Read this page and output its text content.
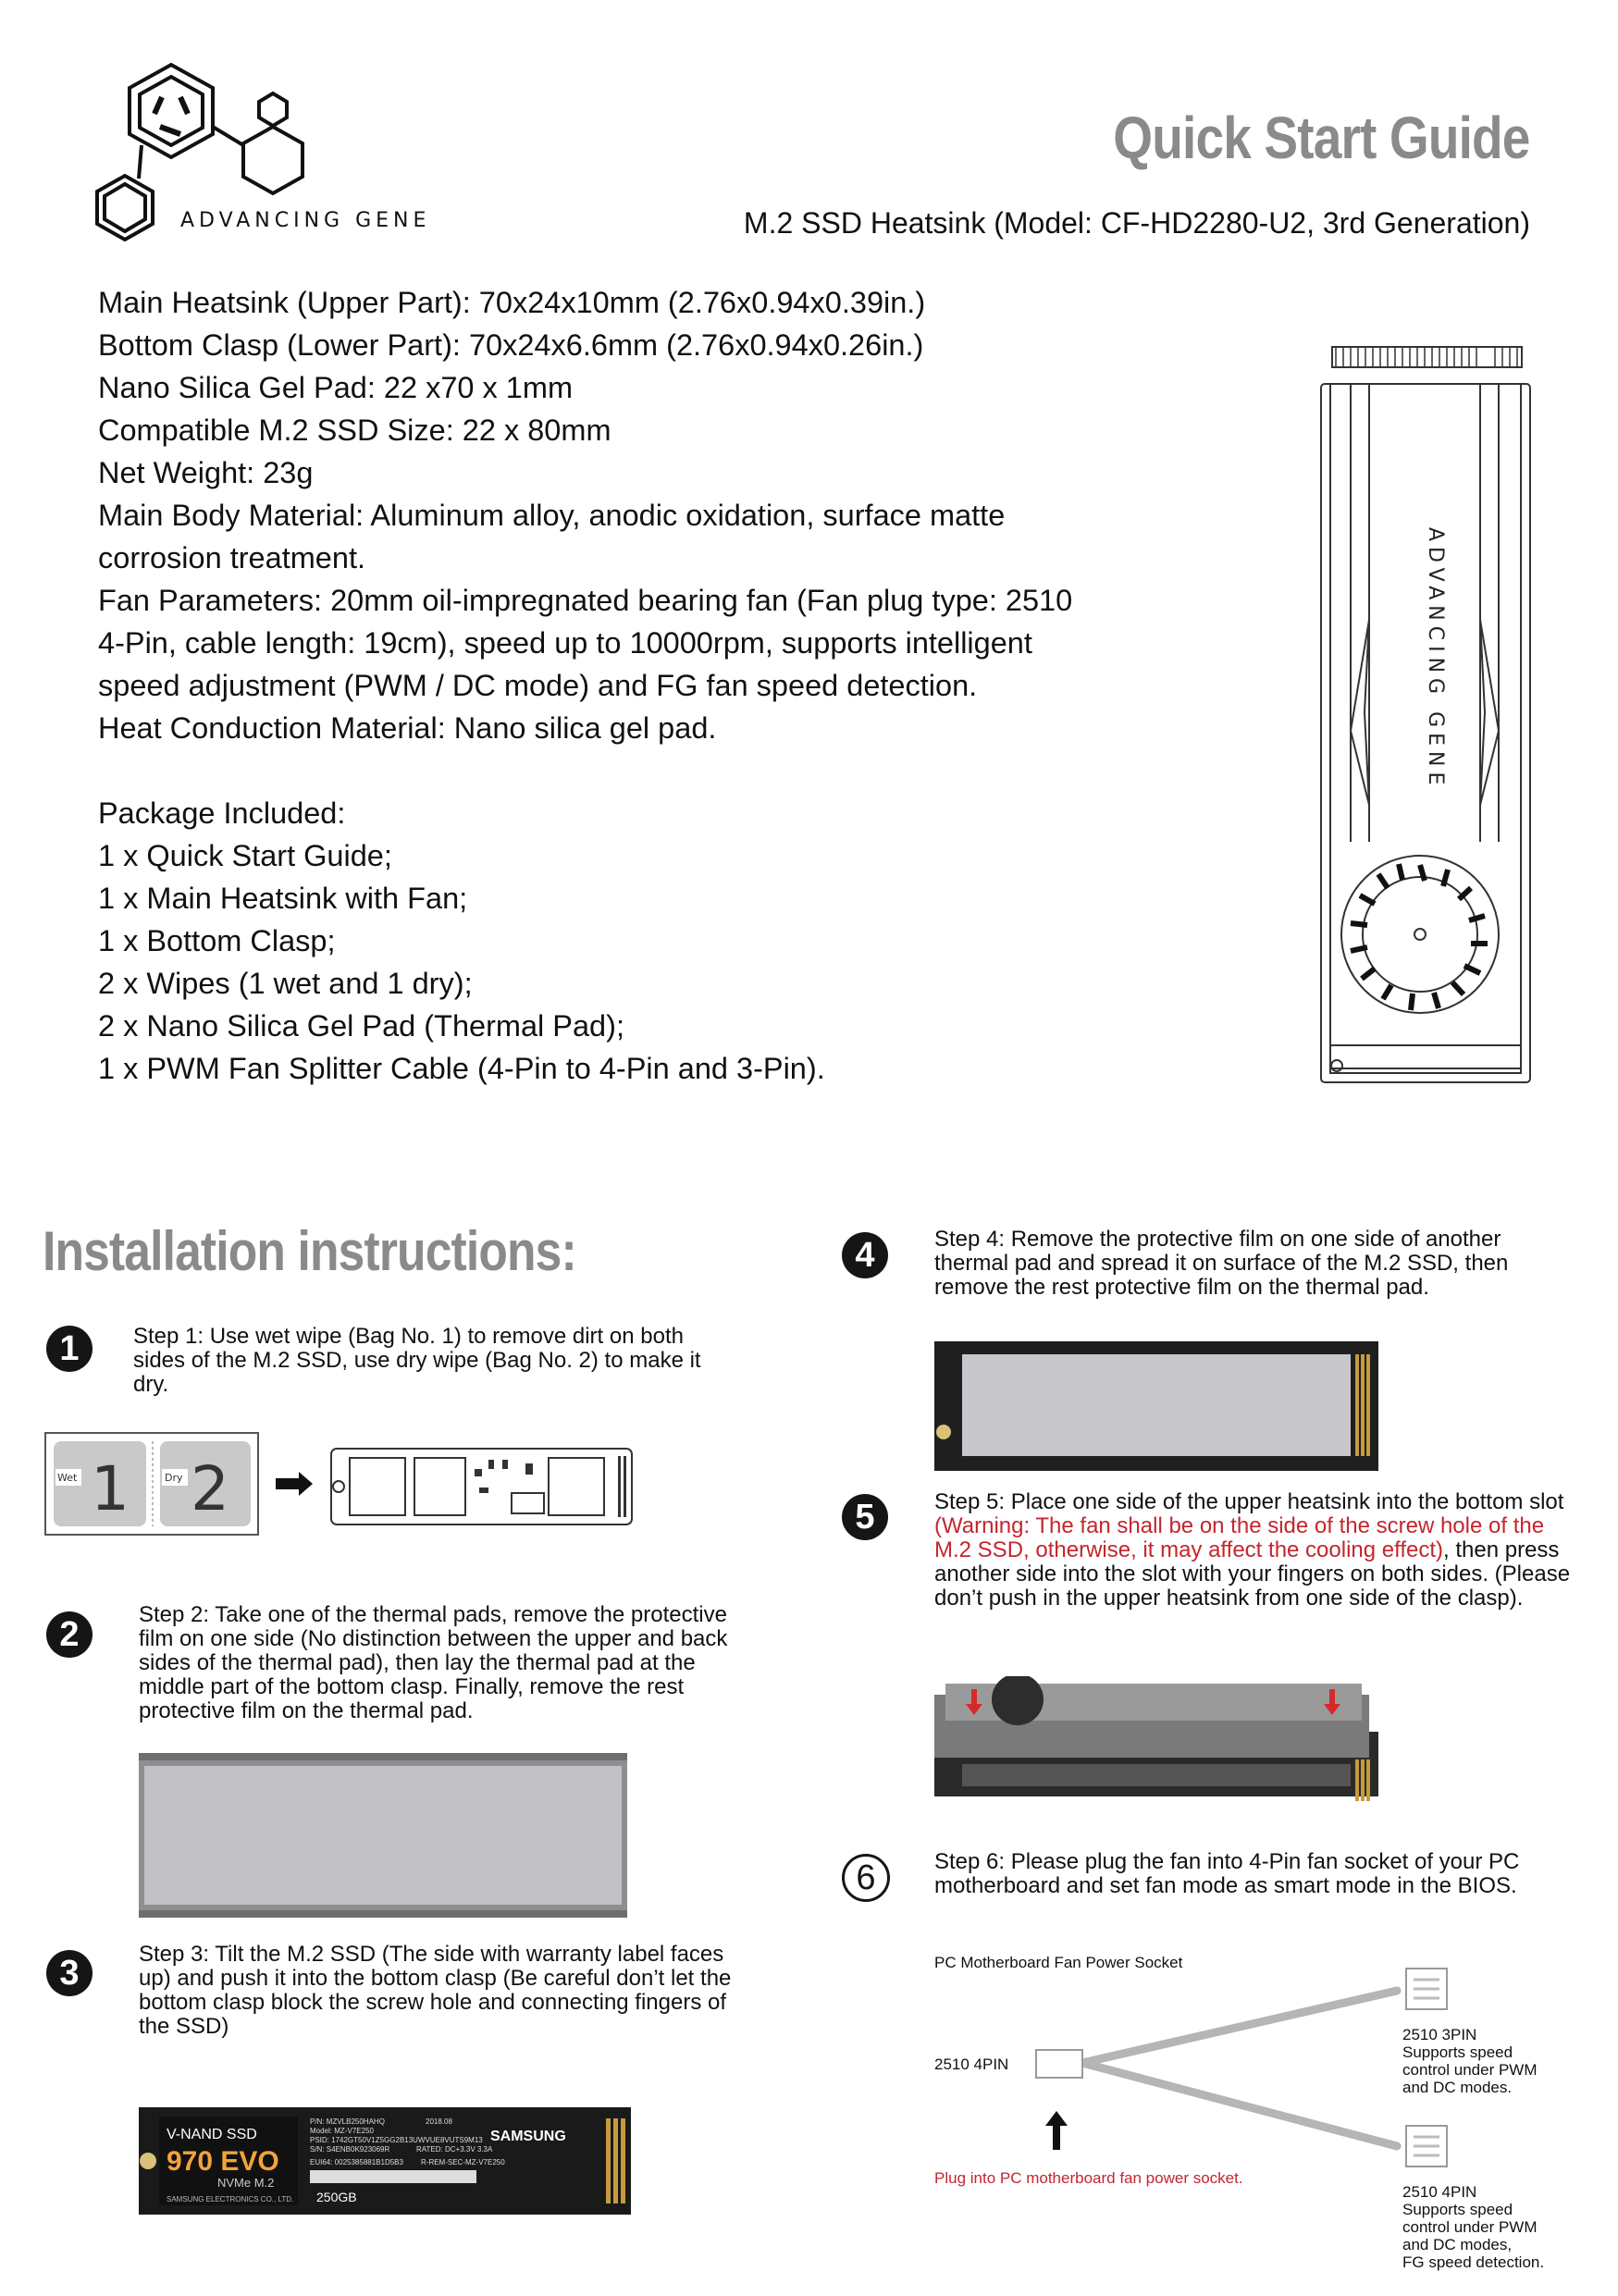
ADVANCING GENE
Quick Start Guide
M.2 SSD Heatsink (Model: CF-HD2280-U2, 3rd Generation)
Main Heatsink (Upper Part): 70x24x10mm (2.76x0.94x0.39in.)
Bottom Clasp (Lower Part): 70x24x6.6mm (2.76x0.94x0.26in.)
Nano Silica Gel Pad: 22 x70 x 1mm
Compatible M.2 SSD Size: 22 x 80mm
Net Weight: 23g
Main Body Material: Aluminum alloy, anodic oxidation, surface matte
corrosion treatment.
Fan Parameters: 20mm oil-impregnated bearing fan (Fan plug type: 2510
4-Pin, cable length: 19cm), speed up to 10000rpm, supports intelligent
speed adjustment (PWM / DC mode) and FG fan speed detection.
Heat Conduction Material: Nano silica gel pad.
Package Included:
1 x Quick Start Guide;
1 x Main Heatsink with Fan;
1 x Bottom Clasp;
2 x Wipes (1 wet and 1 dry);
2 x Nano Silica Gel Pad (Thermal Pad);
1 x PWM Fan Splitter Cable (4-Pin to 4-Pin and 3-Pin).
ADVANCING GENE
Installation instructions:
1	Step 1: Use wet wipe (Bag No. 1) to remove dirt on both sides of the M.2 SSD, use dry wipe (Bag No. 2) to make it dry.
Wet 1	Dry 2
2
Step 2: Take one of the thermal pads, remove the protective film on one side (No distinction between the upper and back sides of the thermal pad), then lay the thermal pad at the middle part of the bottom clasp. Finally, remove the rest protective film on the thermal pad.
3	Step 3: Tilt the M.2 SSD (The side with warranty label faces up) and push it into the bottom clasp (Be careful don’t let the bottom clasp block the screw hole and connecting fingers of the SSD)
V-NAND SSD
970 EVO
NVMe M.2
SAMSUNG ELECTRONICS CO., LTD.
P/N: MZVLB250HAHQ	2018.08
Model: MZ-V7E250
PSID: 1742GT50V1Z5GG2B13UWVUE8VUTS9M13
S/N: S4ENB0K923069R	RATED: DC+3.3V 3.3A
SAMSUNG
EUI64: 0025385881B1D5B3 R-REM-SEC-MZ-V7E250
250GB
4	Step 4: Remove the protective film on one side of another thermal pad and spread it on surface of the M.2 SSD, then remove the rest protective film on the thermal pad.
5	Step 5: Place one side of the upper heatsink into the bottom slot (Warning: The fan shall be on the side of the screw hole of the M.2 SSD, otherwise, it may affect the cooling effect), then press another side into the slot with your fingers on both sides. (Please don’t push in the upper heatsink from one side of the clasp).
6	Step 6: Please plug the fan into 4-Pin fan socket of your PC motherboard and set fan mode as smart mode in the BIOS.
PC Motherboard Fan Power Socket
2510 4PIN
Plug into PC motherboard fan power socket.
2510 3PIN
Supports speed
control under PWM
and DC modes.
2510 4PIN
Supports speed
control under PWM
and DC modes,
FG speed detection.
